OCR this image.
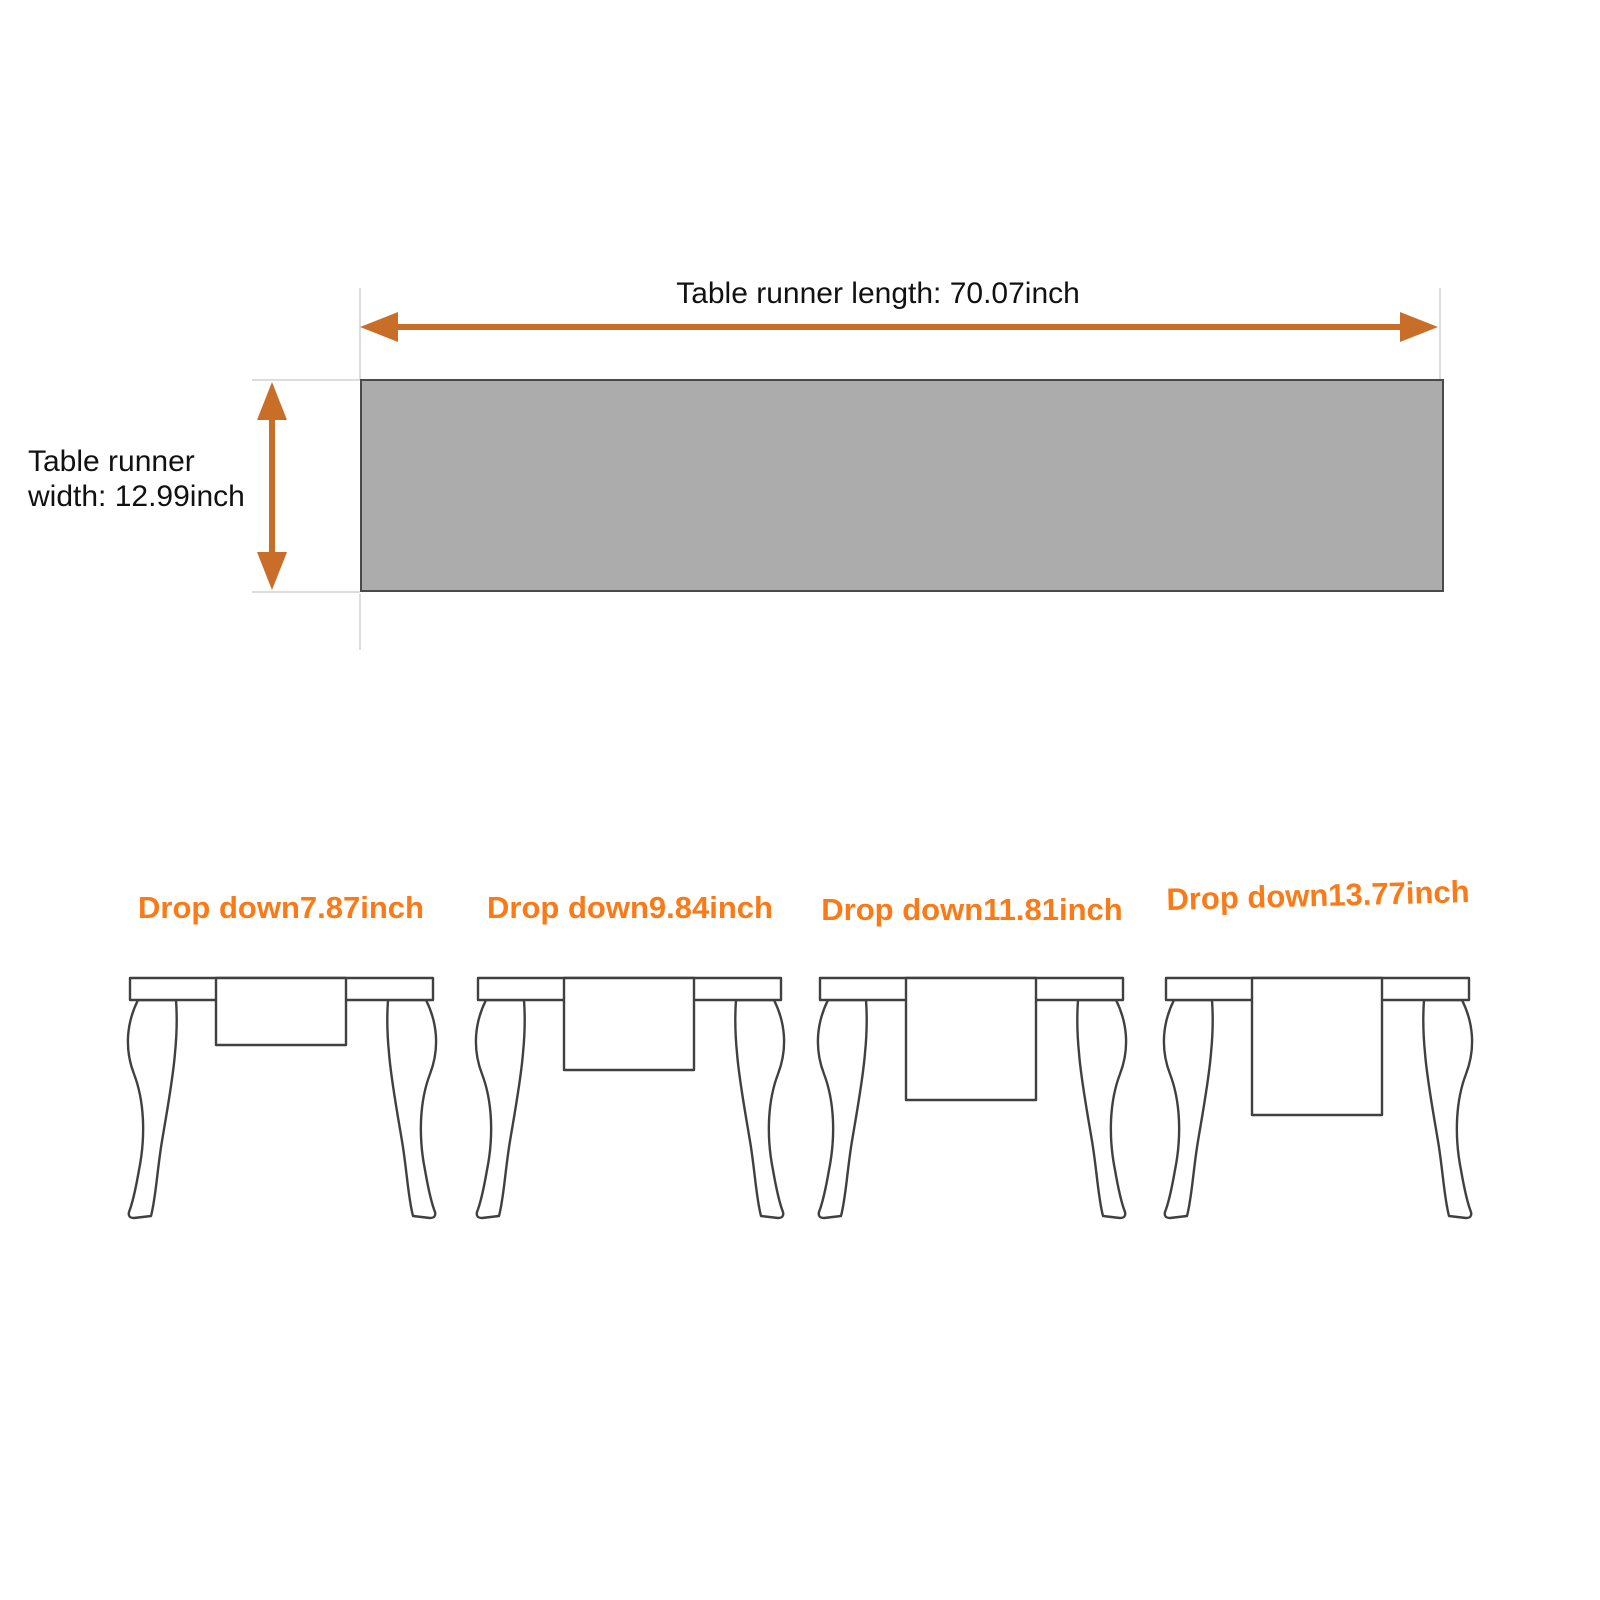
Table runner length: 70.07inch
Table runner
width: 12.99inch
Drop down7.87inch Drop down9.84inch Drop down11.81inch Drop down13.77inch
